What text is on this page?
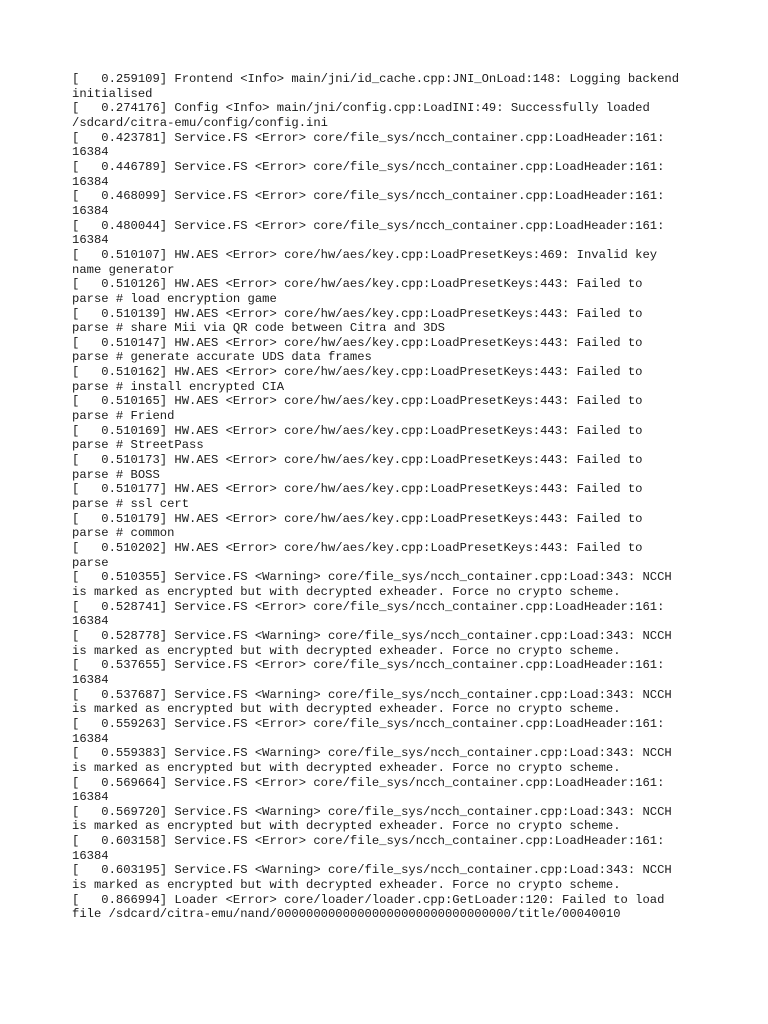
[   0.259109] Frontend <Info> main/jni/id_cache.cpp:JNI_OnLoad:148: Logging backend
initialised

[   0.274176] Config <Info> main/jni/config.cpp:LoadINI:49: Successfully loaded
/sdcard/citra-emu/config/config.ini

[   0.423781] Service.FS <Error> core/file_sys/ncch_container.cpp:LoadHeader:161:
16384

[   0.446789] Service.FS <Error> core/file_sys/ncch_container.cpp:LoadHeader:161:
16384

[   0.468099] Service.FS <Error> core/file_sys/ncch_container.cpp:LoadHeader:161:
16384

[   0.480044] Service.FS <Error> core/file_sys/ncch_container.cpp:LoadHeader:161:
16384

[   0.510107] HW.AES <Error> core/hw/aes/key.cpp:LoadPresetKeys:469: Invalid key
name generator

[   0.510126] HW.AES <Error> core/hw/aes/key.cpp:LoadPresetKeys:443: Failed to
parse # load encryption game

[   0.510139] HW.AES <Error> core/hw/aes/key.cpp:LoadPresetKeys:443: Failed to
parse # share Mii via QR code between Citra and 3DS

[   0.510147] HW.AES <Error> core/hw/aes/key.cpp:LoadPresetKeys:443: Failed to
parse # generate accurate UDS data frames

[   0.510162] HW.AES <Error> core/hw/aes/key.cpp:LoadPresetKeys:443: Failed to
parse # install encrypted CIA

[   0.510165] HW.AES <Error> core/hw/aes/key.cpp:LoadPresetKeys:443: Failed to
parse # Friend

[   0.510169] HW.AES <Error> core/hw/aes/key.cpp:LoadPresetKeys:443: Failed to
parse # StreetPass

[   0.510173] HW.AES <Error> core/hw/aes/key.cpp:LoadPresetKeys:443: Failed to
parse # BOSS

[   0.510177] HW.AES <Error> core/hw/aes/key.cpp:LoadPresetKeys:443: Failed to
parse # ssl cert

[   0.510179] HW.AES <Error> core/hw/aes/key.cpp:LoadPresetKeys:443: Failed to
parse # common

[   0.510202] HW.AES <Error> core/hw/aes/key.cpp:LoadPresetKeys:443: Failed to
parse

[   0.510355] Service.FS <Warning> core/file_sys/ncch_container.cpp:Load:343: NCCH
is marked as encrypted but with decrypted exheader. Force no crypto scheme.

[   0.528741] Service.FS <Error> core/file_sys/ncch_container.cpp:LoadHeader:161:
16384

[   0.528778] Service.FS <Warning> core/file_sys/ncch_container.cpp:Load:343: NCCH
is marked as encrypted but with decrypted exheader. Force no crypto scheme.

[   0.537655] Service.FS <Error> core/file_sys/ncch_container.cpp:LoadHeader:161:
16384

[   0.537687] Service.FS <Warning> core/file_sys/ncch_container.cpp:Load:343: NCCH
is marked as encrypted but with decrypted exheader. Force no crypto scheme.

[   0.559263] Service.FS <Error> core/file_sys/ncch_container.cpp:LoadHeader:161:
16384

[   0.559383] Service.FS <Warning> core/file_sys/ncch_container.cpp:Load:343: NCCH
is marked as encrypted but with decrypted exheader. Force no crypto scheme.

[   0.569664] Service.FS <Error> core/file_sys/ncch_container.cpp:LoadHeader:161:
16384

[   0.569720] Service.FS <Warning> core/file_sys/ncch_container.cpp:Load:343: NCCH
is marked as encrypted but with decrypted exheader. Force no crypto scheme.

[   0.603158] Service.FS <Error> core/file_sys/ncch_container.cpp:LoadHeader:161:
16384

[   0.603195] Service.FS <Warning> core/file_sys/ncch_container.cpp:Load:343: NCCH
is marked as encrypted but with decrypted exheader. Force no crypto scheme.

[   0.866994] Loader <Error> core/loader/loader.cpp:GetLoader:120: Failed to load
file /sdcard/citra-emu/nand/00000000000000000000000000000000/title/00040010
